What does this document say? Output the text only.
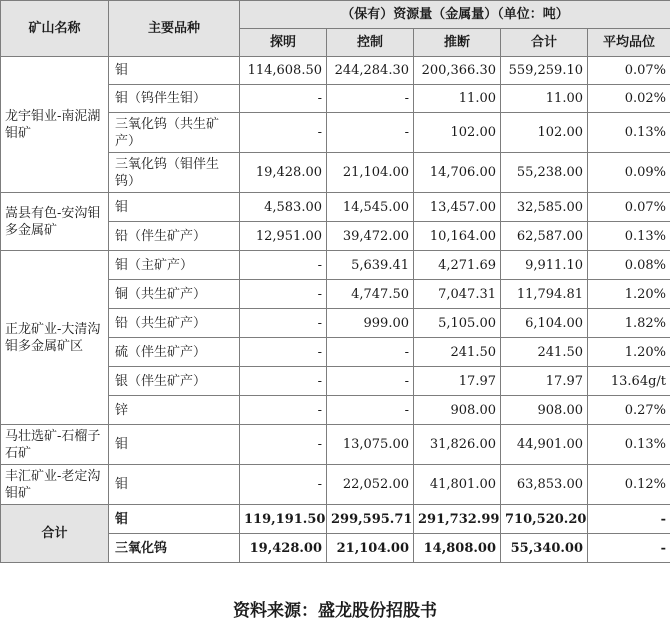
矿山名称	主要品种	（保有）资源量（金属量）（单位：吨）				
		探明	控制	推断	合计	平均品位
龙宇钼业-南泥湖钼矿	钼	114,608.50	244,284.30	200,366.30	559,259.10	0.07%
	钼（钨伴生钼）	-	-	11.00	11.00	0.02%
	三氧化钨（共生矿产）	-	-	102.00	102.00	0.13%
	三氧化钨（钼伴生钨）	19,428.00	21,104.00	14,706.00	55,238.00	0.09%
嵩县有色-安沟钼多金属矿	钼	4,583.00	14,545.00	13,457.00	32,585.00	0.07%
	铅（伴生矿产）	12,951.00	39,472.00	10,164.00	62,587.00	0.13%
正龙矿业-大清沟钼多金属矿区	钼（主矿产）	-	5,639.41	4,271.69	9,911.10	0.08%
	铜（共生矿产）	-	4,747.50	7,047.31	11,794.81	1.20%
	铅（共生矿产）	-	999.00	5,105.00	6,104.00	1.82%
	硫（伴生矿产）	-	-	241.50	241.50	1.20%
	银（伴生矿产）	-	-	17.97	17.97	13.64g/t
	锌	-	-	908.00	908.00	0.27%
马壮选矿-石榴子石矿	钼	-	13,075.00	31,826.00	44,901.00	0.13%
丰汇矿业-老定沟钼矿	钼	-	22,052.00	41,801.00	63,853.00	0.12%
合计	钼	119,191.50	299,595.71	291,732.99	710,520.20	-
	三氧化钨	19,428.00	21,104.00	14,808.00	55,340.00	-
资料来源：盛龙股份招股书
